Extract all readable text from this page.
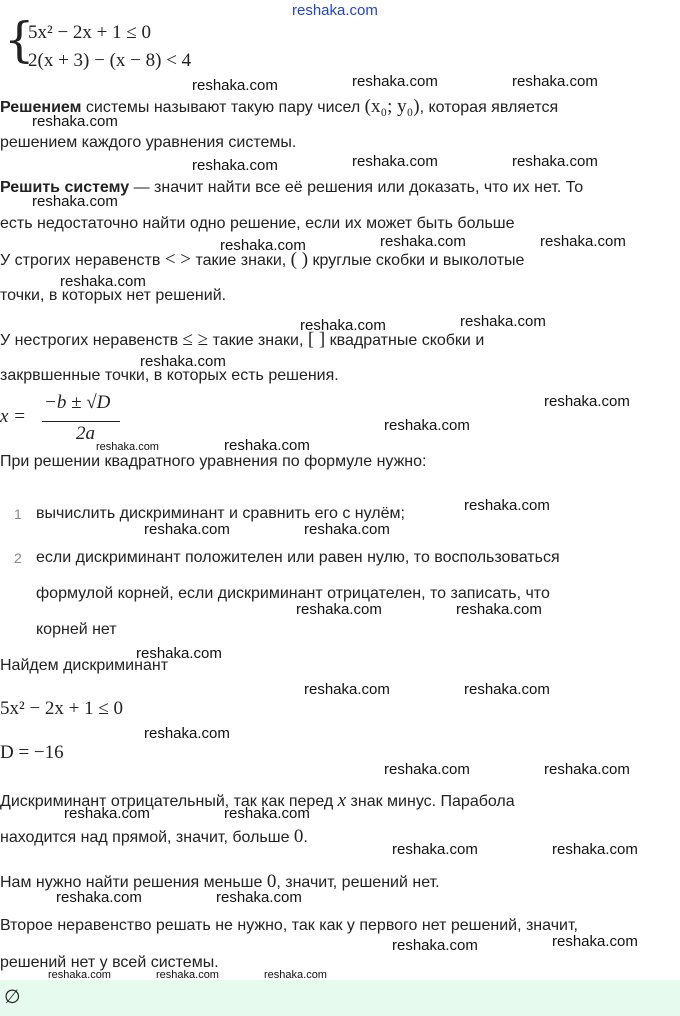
{
5x² − 2x + 1 ≤ 0
2(x + 3) − (x − 8) < 4
Решением системы называют такую пару чисел (x₀; y₀), которая является
решением каждого уравнения системы.
Решить систему — значит найти все её решения или доказать, что их нет. То
есть недостаточно найти одно решение, если их может быть больше
У строгих неравенств < > такие знаки, ( ) круглые скобки и выколотые
точки, в которых нет решений.
У нестрогих неравенств ≤ ≥ такие знаки, [ ] квадратные скобки и
закрвшенные точки, в которых есть решения.
x =
−b ± √D
2a
При решении квадратного уравнения по формуле нужно:
1 вычислить дискриминант и сравнить его с нулём;
2 если дискриминант положителен или равен нулю, то воспользоваться
формулой корней, если дискриминант отрицателен, то записать, что
корней нет
Найдем дискриминант
5x² − 2x + 1 ≤ 0
D = −16
Дискриминант отрицательный, так как перед x знак минус. Парабола
находится над прямой, значит, больше 0.
Нам нужно найти решения меньше 0, значит, решений нет.
Второе неравенство решать не нужно, так как у первого нет решений, значит,
решений нет у всей системы.
∅
reshaka.com
reshaka.com	reshaka.com	reshaka.com
reshaka.com
reshaka.com
reshaka.com	reshaka.com	reshaka.com
reshaka.com	reshaka.com	reshaka.com
reshaka.com
reshaka.com	reshaka.com
reshaka.com
reshaka.com
reshaka.com
reshaka.com	reshaka.com
reshaka.com
reshaka.com	reshaka.com
reshaka.com	reshaka.com
reshaka.com
reshaka.com	reshaka.com
reshaka.com
reshaka.com	reshaka.com
reshaka.com	reshaka.com
reshaka.com	reshaka.com
reshaka.com	reshaka.com
reshaka.com	reshaka.com
reshaka.com	reshaka.com	reshaka.com
